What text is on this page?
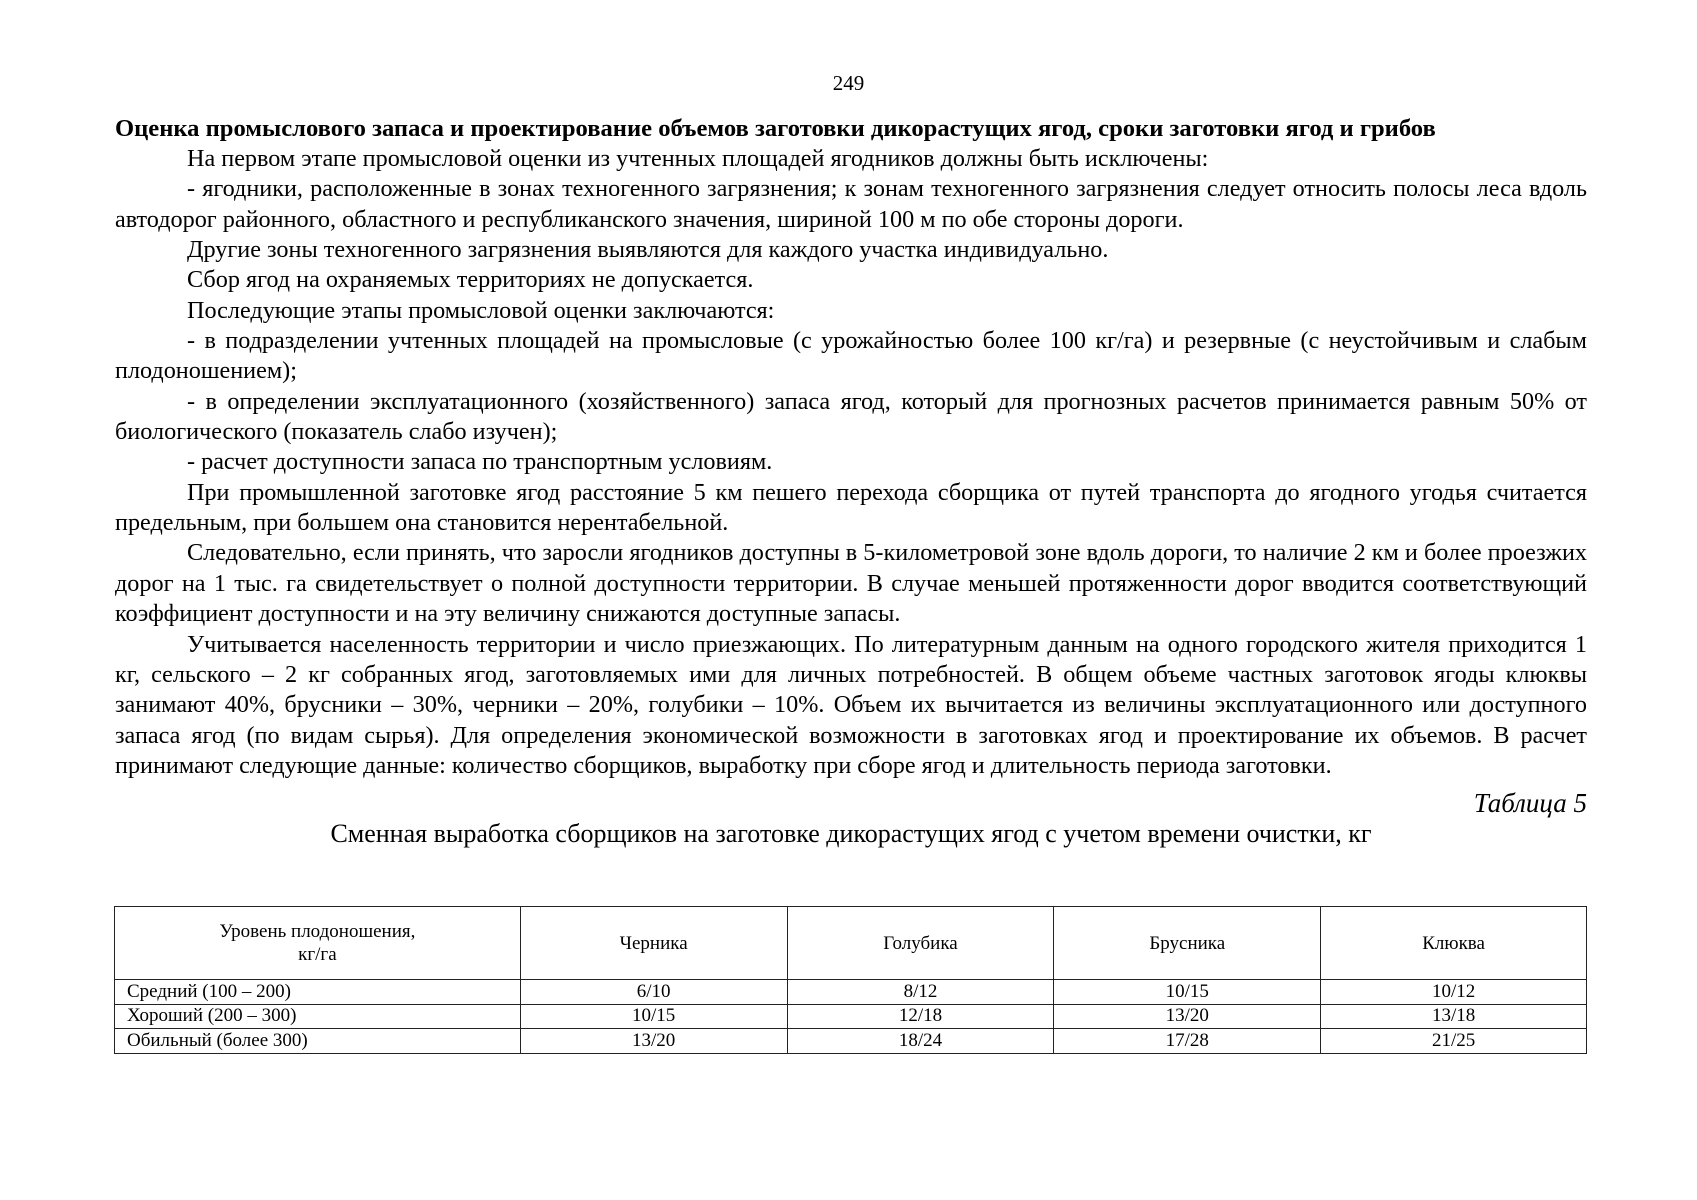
249

Оценка промыслового запаса и проектирование объемов заготовки дикорастущих ягод, сроки заготовки ягод и грибов

На первом этапе промысловой оценки из учтенных площадей ягодников должны быть исключены:

- ягодники, расположенные в зонах техногенного загрязнения; к зонам техногенного загрязнения следует относить полосы леса вдоль автодорог районного, областного и республиканского значения, шириной 100 м по обе стороны дороги.

Другие зоны техногенного загрязнения выявляются для каждого участка индивидуально.

Сбор ягод на охраняемых территориях не допускается.

Последующие этапы промысловой оценки заключаются:

- в подразделении учтенных площадей на промысловые (с урожайностью более 100 кг/га) и резервные (с неустойчивым и слабым плодоношением);

- в определении эксплуатационного (хозяйственного) запаса ягод, который для прогнозных расчетов принимается равным 50% от биологического (показатель слабо изучен);

- расчет доступности запаса по транспортным условиям.

При промышленной заготовке ягод расстояние 5 км пешего перехода сборщика от путей транспорта до ягодного угодья считается предельным, при большем она становится нерентабельной.

Следовательно, если принять, что заросли ягодников доступны в 5-километровой зоне вдоль дороги, то наличие 2 км и более проезжих дорог на 1 тыс. га свидетельствует о полной доступности территории. В случае меньшей протяженности дорог вводится соответствующий коэффициент доступности и на эту величину снижаются доступные запасы.

Учитывается населенность территории и число приезжающих. По литературным данным на одного городского жителя приходится 1 кг, сельского – 2 кг собранных ягод, заготовляемых ими для личных потребностей. В общем объеме частных заготовок ягоды клюквы занимают 40%, брусники – 30%, черники – 20%, голубики – 10%. Объем их вычитается из величины эксплуатационного или доступного запаса ягод (по видам сырья). Для определения экономической возможности в заготовках ягод и проектирование их объемов. В расчет принимают следующие данные: количество сборщиков, выработку при сборе ягод и длительность периода заготовки.

Таблица 5
Сменная выработка сборщиков на заготовке дикорастущих ягод с учетом времени очистки, кг
Уровень плодоношения,
кг/га	Черника	Голубика	Брусника	Клюква
Средний (100 – 200)	6/10	8/12	10/15	10/12
Хороший (200 – 300)	10/15	12/18	13/20	13/18
Обильный (более 300)	13/20	18/24	17/28	21/25
